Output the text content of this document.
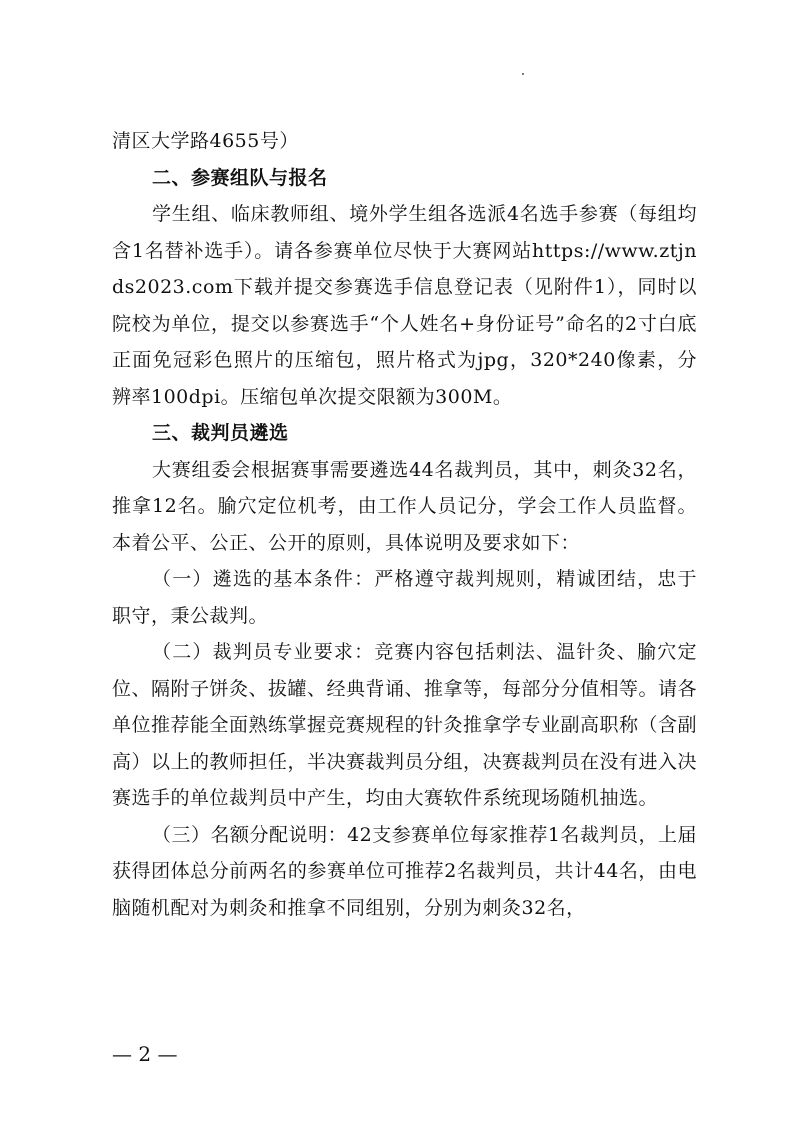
清区大学路4655号）

二、参赛组队与报名

学生组、临床教师组、境外学生组各选派4名选手参赛（每组均含1名替补选手）。请各参赛单位尽快于大赛网站https://www.ztjnds2023.com下载并提交参赛选手信息登记表（见附件1），同时以院校为单位，提交以参赛选手“个人姓名+身份证号”命名的2寸白底正面免冠彩色照片的压缩包，照片格式为jpg，320*240像素，分辨率100dpi。压缩包单次提交限额为300M。

三、裁判员遴选

大赛组委会根据赛事需要遴选44名裁判员，其中，刺灸32名，推拿12名。腧穴定位机考，由工作人员记分，学会工作人员监督。本着公平、公正、公开的原则，具体说明及要求如下：

（一）遴选的基本条件：严格遵守裁判规则，精诚团结，忠于职守，秉公裁判。

（二）裁判员专业要求：竞赛内容包括刺法、温针灸、腧穴定位、隔附子饼灸、拔罐、经典背诵、推拿等，每部分分值相等。请各单位推荐能全面熟练掌握竞赛规程的针灸推拿学专业副高职称（含副高）以上的教师担任，半决赛裁判员分组，决赛裁判员在没有进入决赛选手的单位裁判员中产生，均由大赛软件系统现场随机抽选。

（三）名额分配说明：42支参赛单位每家推荐1名裁判员，上届获得团体总分前两名的参赛单位可推荐2名裁判员，共计44名，由电脑随机配对为刺灸和推拿不同组别，分别为刺灸32名，

— 2 —
